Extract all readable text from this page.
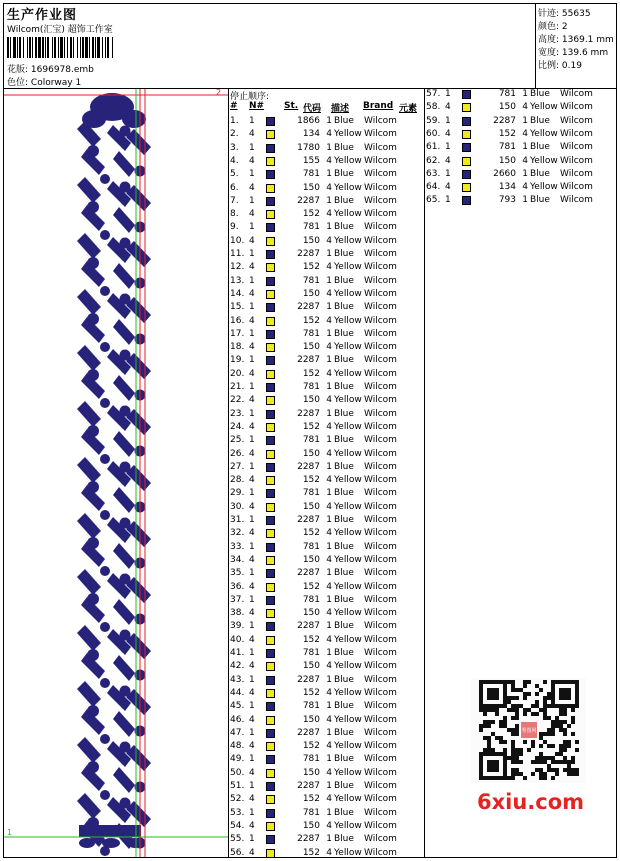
生产作业图
Wilcom(汇宝) 超饰工作室
花版: 1696978.emb
色位: Colorway 1
针迹: 55635
颜色: 2
高度: 1369.1 mm
宽度: 139.6 mm
比例: 0.19
2
1
停止顺序:
# N# St. 代码 描述 Brand 元素
1. 1	1866 1 Blue Wilcom
2. 4	134 4 Yellow Wilcom
3. 1	1780 1 Blue Wilcom
4. 4	155 4 Yellow Wilcom
5. 1	781 1 Blue Wilcom
6. 4	150 4 Yellow Wilcom
7. 1	2287 1 Blue Wilcom
8. 4	152 4 Yellow Wilcom
9. 1	781 1 Blue Wilcom
10. 4	150 4 Yellow Wilcom
11. 1	2287 1 Blue Wilcom
12. 4	152 4 Yellow Wilcom
13. 1	781 1 Blue Wilcom
14. 4	150 4 Yellow Wilcom
15. 1	2287 1 Blue Wilcom
16. 4	152 4 Yellow Wilcom
17. 1	781 1 Blue Wilcom
18. 4	150 4 Yellow Wilcom
19. 1	2287 1 Blue Wilcom
20. 4	152 4 Yellow Wilcom
21. 1	781 1 Blue Wilcom
22. 4	150 4 Yellow Wilcom
23. 1	2287 1 Blue Wilcom
24. 4	152 4 Yellow Wilcom
25. 1	781 1 Blue Wilcom
26. 4	150 4 Yellow Wilcom
27. 1	2287 1 Blue Wilcom
28. 4	152 4 Yellow Wilcom
29. 1	781 1 Blue Wilcom
30. 4	150 4 Yellow Wilcom
31. 1	2287 1 Blue Wilcom
32. 4	152 4 Yellow Wilcom
33. 1	781 1 Blue Wilcom
34. 4	150 4 Yellow Wilcom
35. 1	2287 1 Blue Wilcom
36. 4	152 4 Yellow Wilcom
37. 1	781 1 Blue Wilcom
38. 4	150 4 Yellow Wilcom
39. 1	2287 1 Blue Wilcom
40. 4	152 4 Yellow Wilcom
41. 1	781 1 Blue Wilcom
42. 4	150 4 Yellow Wilcom
43. 1	2287 1 Blue Wilcom
44. 4	152 4 Yellow Wilcom
45. 1	781 1 Blue Wilcom
46. 4	150 4 Yellow Wilcom
47. 1	2287 1 Blue Wilcom
48. 4	152 4 Yellow Wilcom
49. 1	781 1 Blue Wilcom
50. 4	150 4 Yellow Wilcom
51. 1	2287 1 Blue Wilcom
52. 4	152 4 Yellow Wilcom
53. 1	781 1 Blue Wilcom
54. 4	150 4 Yellow Wilcom
55. 1	2287 1 Blue Wilcom
56. 4	152 4 Yellow Wilcom
57. 1	781 1 Blue Wilcom
58. 4	150 4 Yellow Wilcom
59. 1	2287 1 Blue Wilcom
60. 4	152 4 Yellow Wilcom
61. 1	781 1 Blue Wilcom
62. 4	150 4 Yellow Wilcom
63. 1	2660 1 Blue Wilcom
64. 4	134 4 Yellow Wilcom
65. 1	793 1 Blue Wilcom
秀图网
6xiu.com
